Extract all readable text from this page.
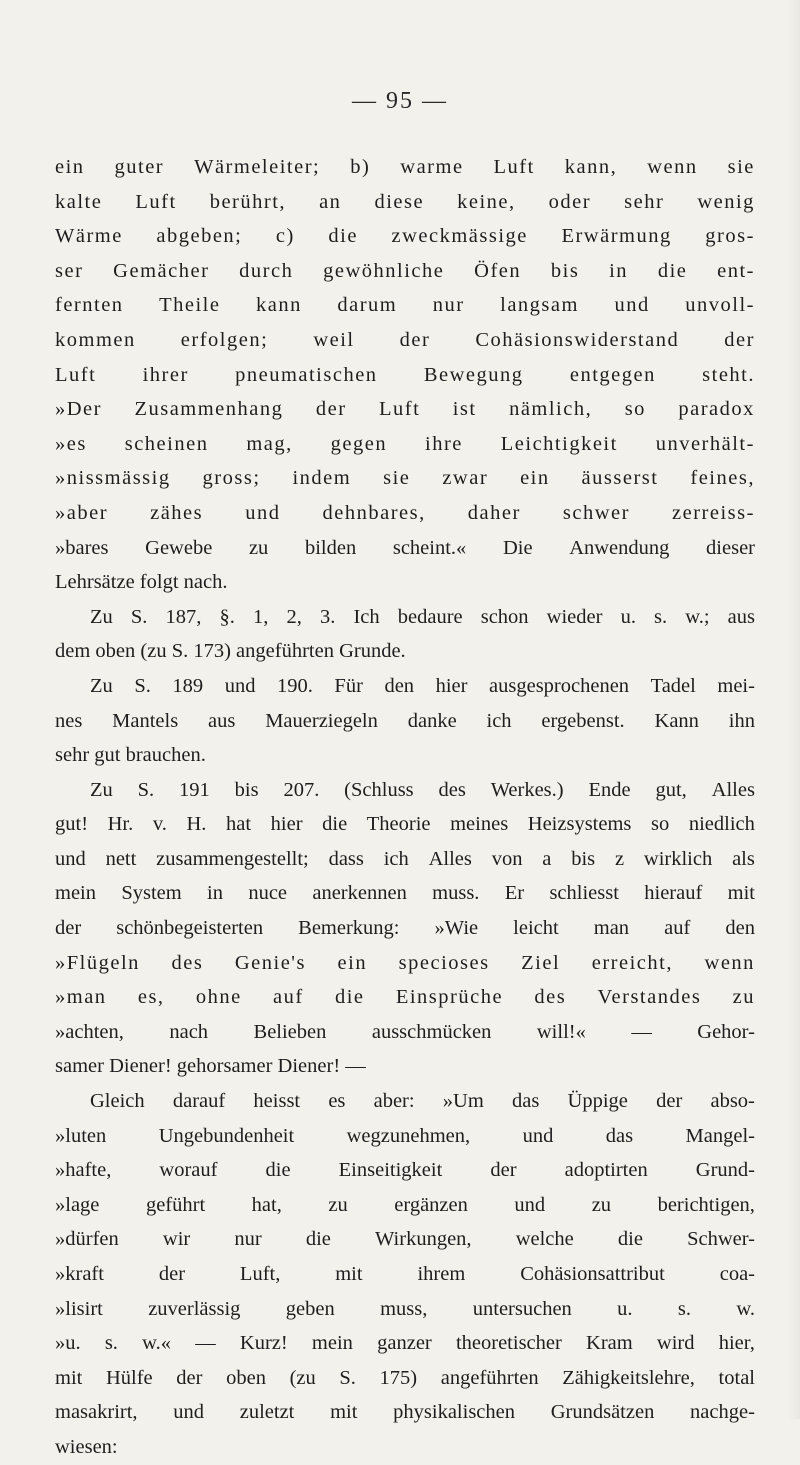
— 95 —
ein guter Wärmeleiter; b) warme Luft kann, wenn sie
kalte Luft berührt, an diese keine, oder sehr wenig
Wärme abgeben; c) die zweckmässige Erwärmung gros-
ser Gemächer durch gewöhnliche Öfen bis in die ent-
fernten Theile kann darum nur langsam und unvoll-
kommen erfolgen; weil der Cohäsionswiderstand der
Luft ihrer pneumatischen Bewegung entgegen steht.
»Der Zusammenhang der Luft ist nämlich, so paradox
»es scheinen mag, gegen ihre Leichtigkeit unverhält-
»nissmässig gross; indem sie zwar ein äusserst feines,
»aber zähes und dehnbares, daher schwer zerreiss-
»bares Gewebe zu bilden scheint.« Die Anwendung dieser
Lehrsätze folgt nach.
Zu S. 187, §. 1, 2, 3. Ich bedaure schon wieder u. s. w.; aus
dem oben (zu S. 173) angeführten Grunde.
Zu S. 189 und 190. Für den hier ausgesprochenen Tadel mei-
nes Mantels aus Mauerziegeln danke ich ergebenst. Kann ihn
sehr gut brauchen.
Zu S. 191 bis 207. (Schluss des Werkes.) Ende gut, Alles
gut! Hr. v. H. hat hier die Theorie meines Heizsystems so niedlich
und nett zusammengestellt; dass ich Alles von a bis z wirklich als
mein System in nuce anerkennen muss. Er schliesst hierauf mit
der schönbegeisterten Bemerkung: »Wie leicht man auf den
»Flügeln des Genie's ein specioses Ziel erreicht, wenn
»man es, ohne auf die Einsprüche des Verstandes zu
»achten, nach Belieben ausschmücken will!« — Gehor-
samer Diener! gehorsamer Diener! —
Gleich darauf heisst es aber: »Um das Üppige der abso-
»luten	Ungebundenheit	wegzunehmen,	und	das	Mangel-
»hafte, worauf die Einseitigkeit der adoptirten Grund-
»lage geführt hat, zu ergänzen und zu berichtigen,
»dürfen wir nur die Wirkungen, welche die Schwer-
»kraft	der	Luft,	mit	ihrem	Cohäsionsattribut	coa-
»lisirt zuverlässig geben muss, untersuchen u. s. w.
»u. s. w.« — Kurz! mein ganzer theoretischer Kram wird hier,
mit Hülfe der oben (zu S. 175) angeführten Zähigkeitslehre, total
masakrirt, und zuletzt mit physikalischen Grundsätzen nachge-
wiesen:
